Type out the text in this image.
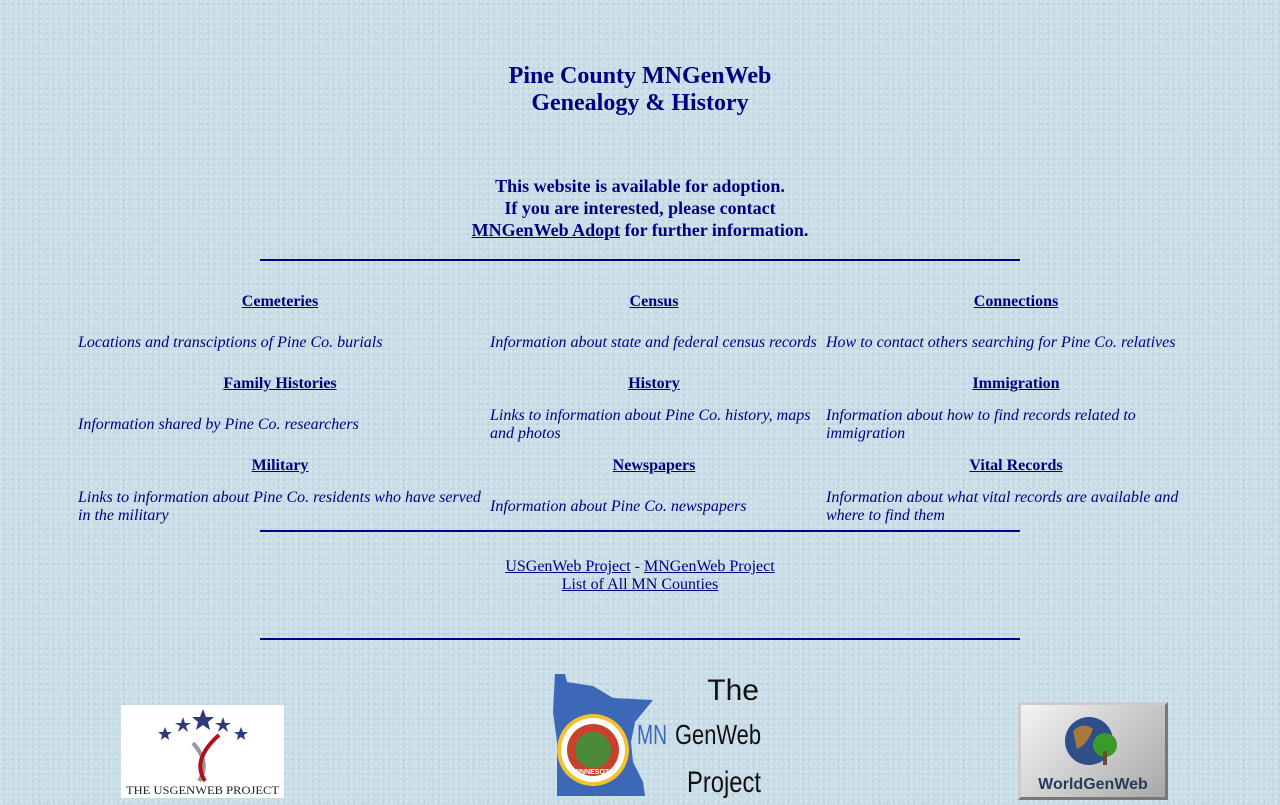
Pine County MNGenWeb
Genealogy & History
This website is available for adoption.
If you are interested, please contact
MNGenWeb Adopt for further information.
Cemeteries	Census	Connections
Locations and transciptions of Pine Co. burials	Information about state and federal census records	How to contact others searching for Pine Co. relatives
Family Histories	History	Immigration
Information shared by Pine Co. researchers	Links to information about Pine Co. history, maps and photos	Information about how to find records related to immigration
Military	Newspapers	Vital Records
Links to information about Pine Co. residents who have served in the military	Information about Pine Co. newspapers	Information about what vital records are available and where to find them
USGenWeb Project - MNGenWeb Project
List of All MN Counties
THE USGENWEB PROJECT
MINNESOTA
The
MN GenWeb
Project	WorldGenWeb
